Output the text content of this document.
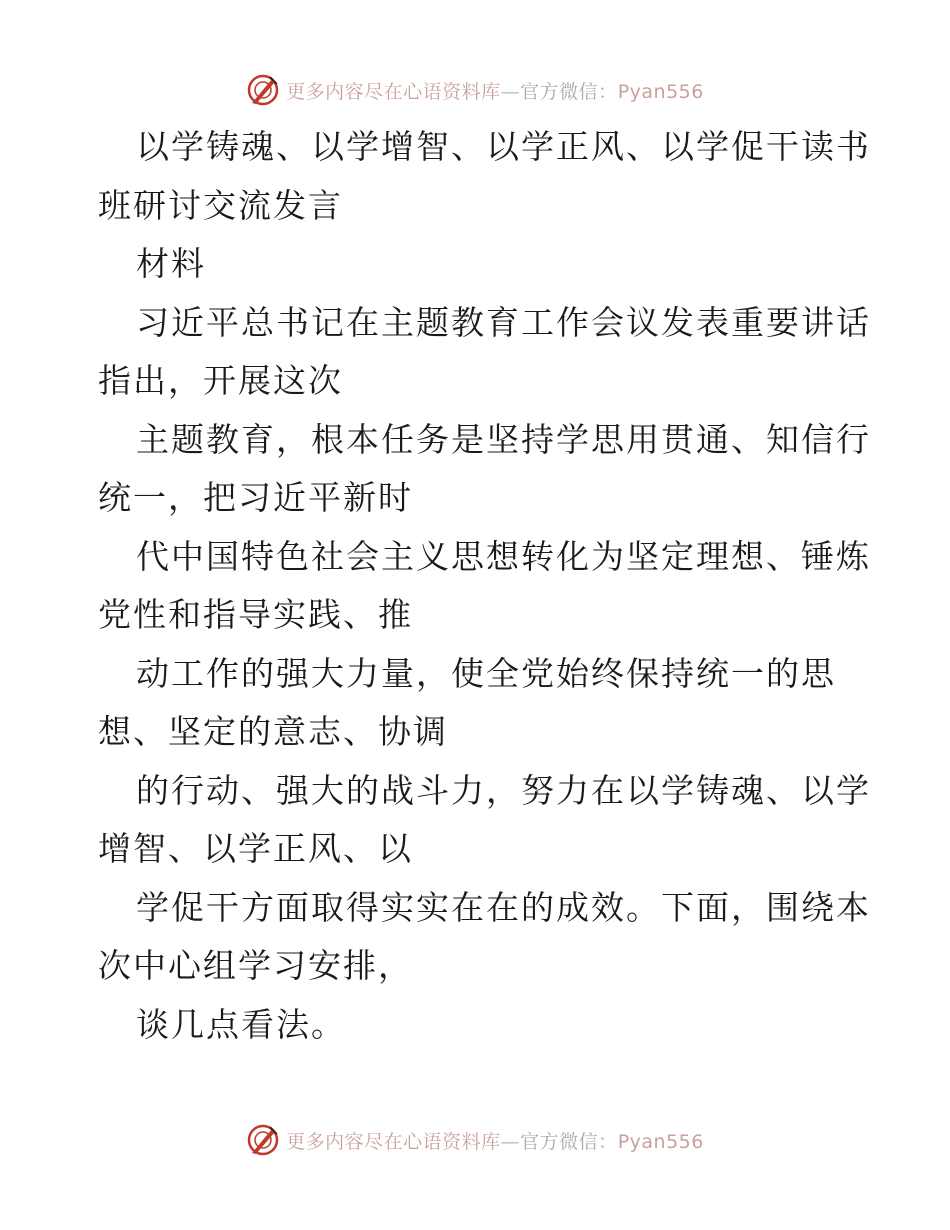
更多内容尽在心语资料库—官方微信：Pyan556
以学铸魂、以学增智、以学正风、以学促干读书
班研讨交流发言
材料
习近平总书记在主题教育工作会议发表重要讲话
指出，开展这次
主题教育，根本任务是坚持学思用贯通、知信行
统一，把习近平新时
代中国特色社会主义思想转化为坚定理想、锤炼
党性和指导实践、推
动工作的强大力量，使全党始终保持统一的思
想、坚定的意志、协调
的行动、强大的战斗力，努力在以学铸魂、以学
增智、以学正风、以
学促干方面取得实实在在的成效。下面，围绕本
次中心组学习安排，
谈几点看法。
更多内容尽在心语资料库—官方微信：Pyan556
